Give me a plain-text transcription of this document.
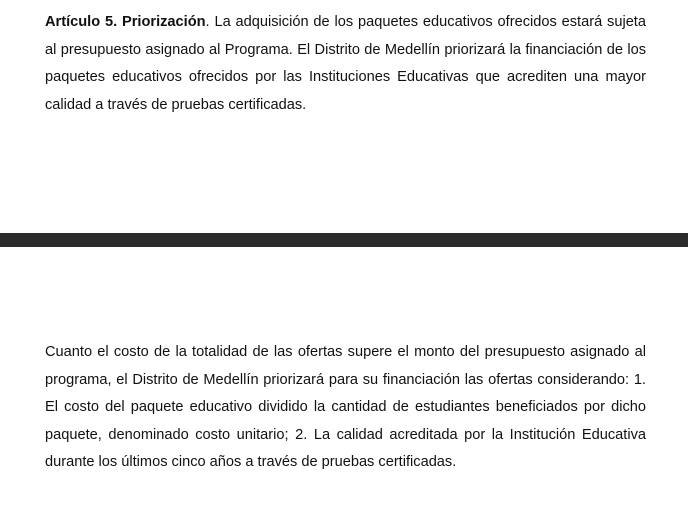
Artículo 5. Priorización. La adquisición de los paquetes educativos ofrecidos estará sujeta al presupuesto asignado al Programa. El Distrito de Medellín priorizará la financiación de los paquetes educativos ofrecidos por las Instituciones Educativas que acrediten una mayor calidad a través de pruebas certificadas.

Cuanto el costo de la totalidad de las ofertas supere el monto del presupuesto asignado al programa, el Distrito de Medellín priorizará para su financiación las ofertas considerando: 1. El costo del paquete educativo dividido la cantidad de estudiantes beneficiados por dicho paquete, denominado costo unitario; 2. La calidad acreditada por la Institución Educativa durante los últimos cinco años a través de pruebas certificadas.
